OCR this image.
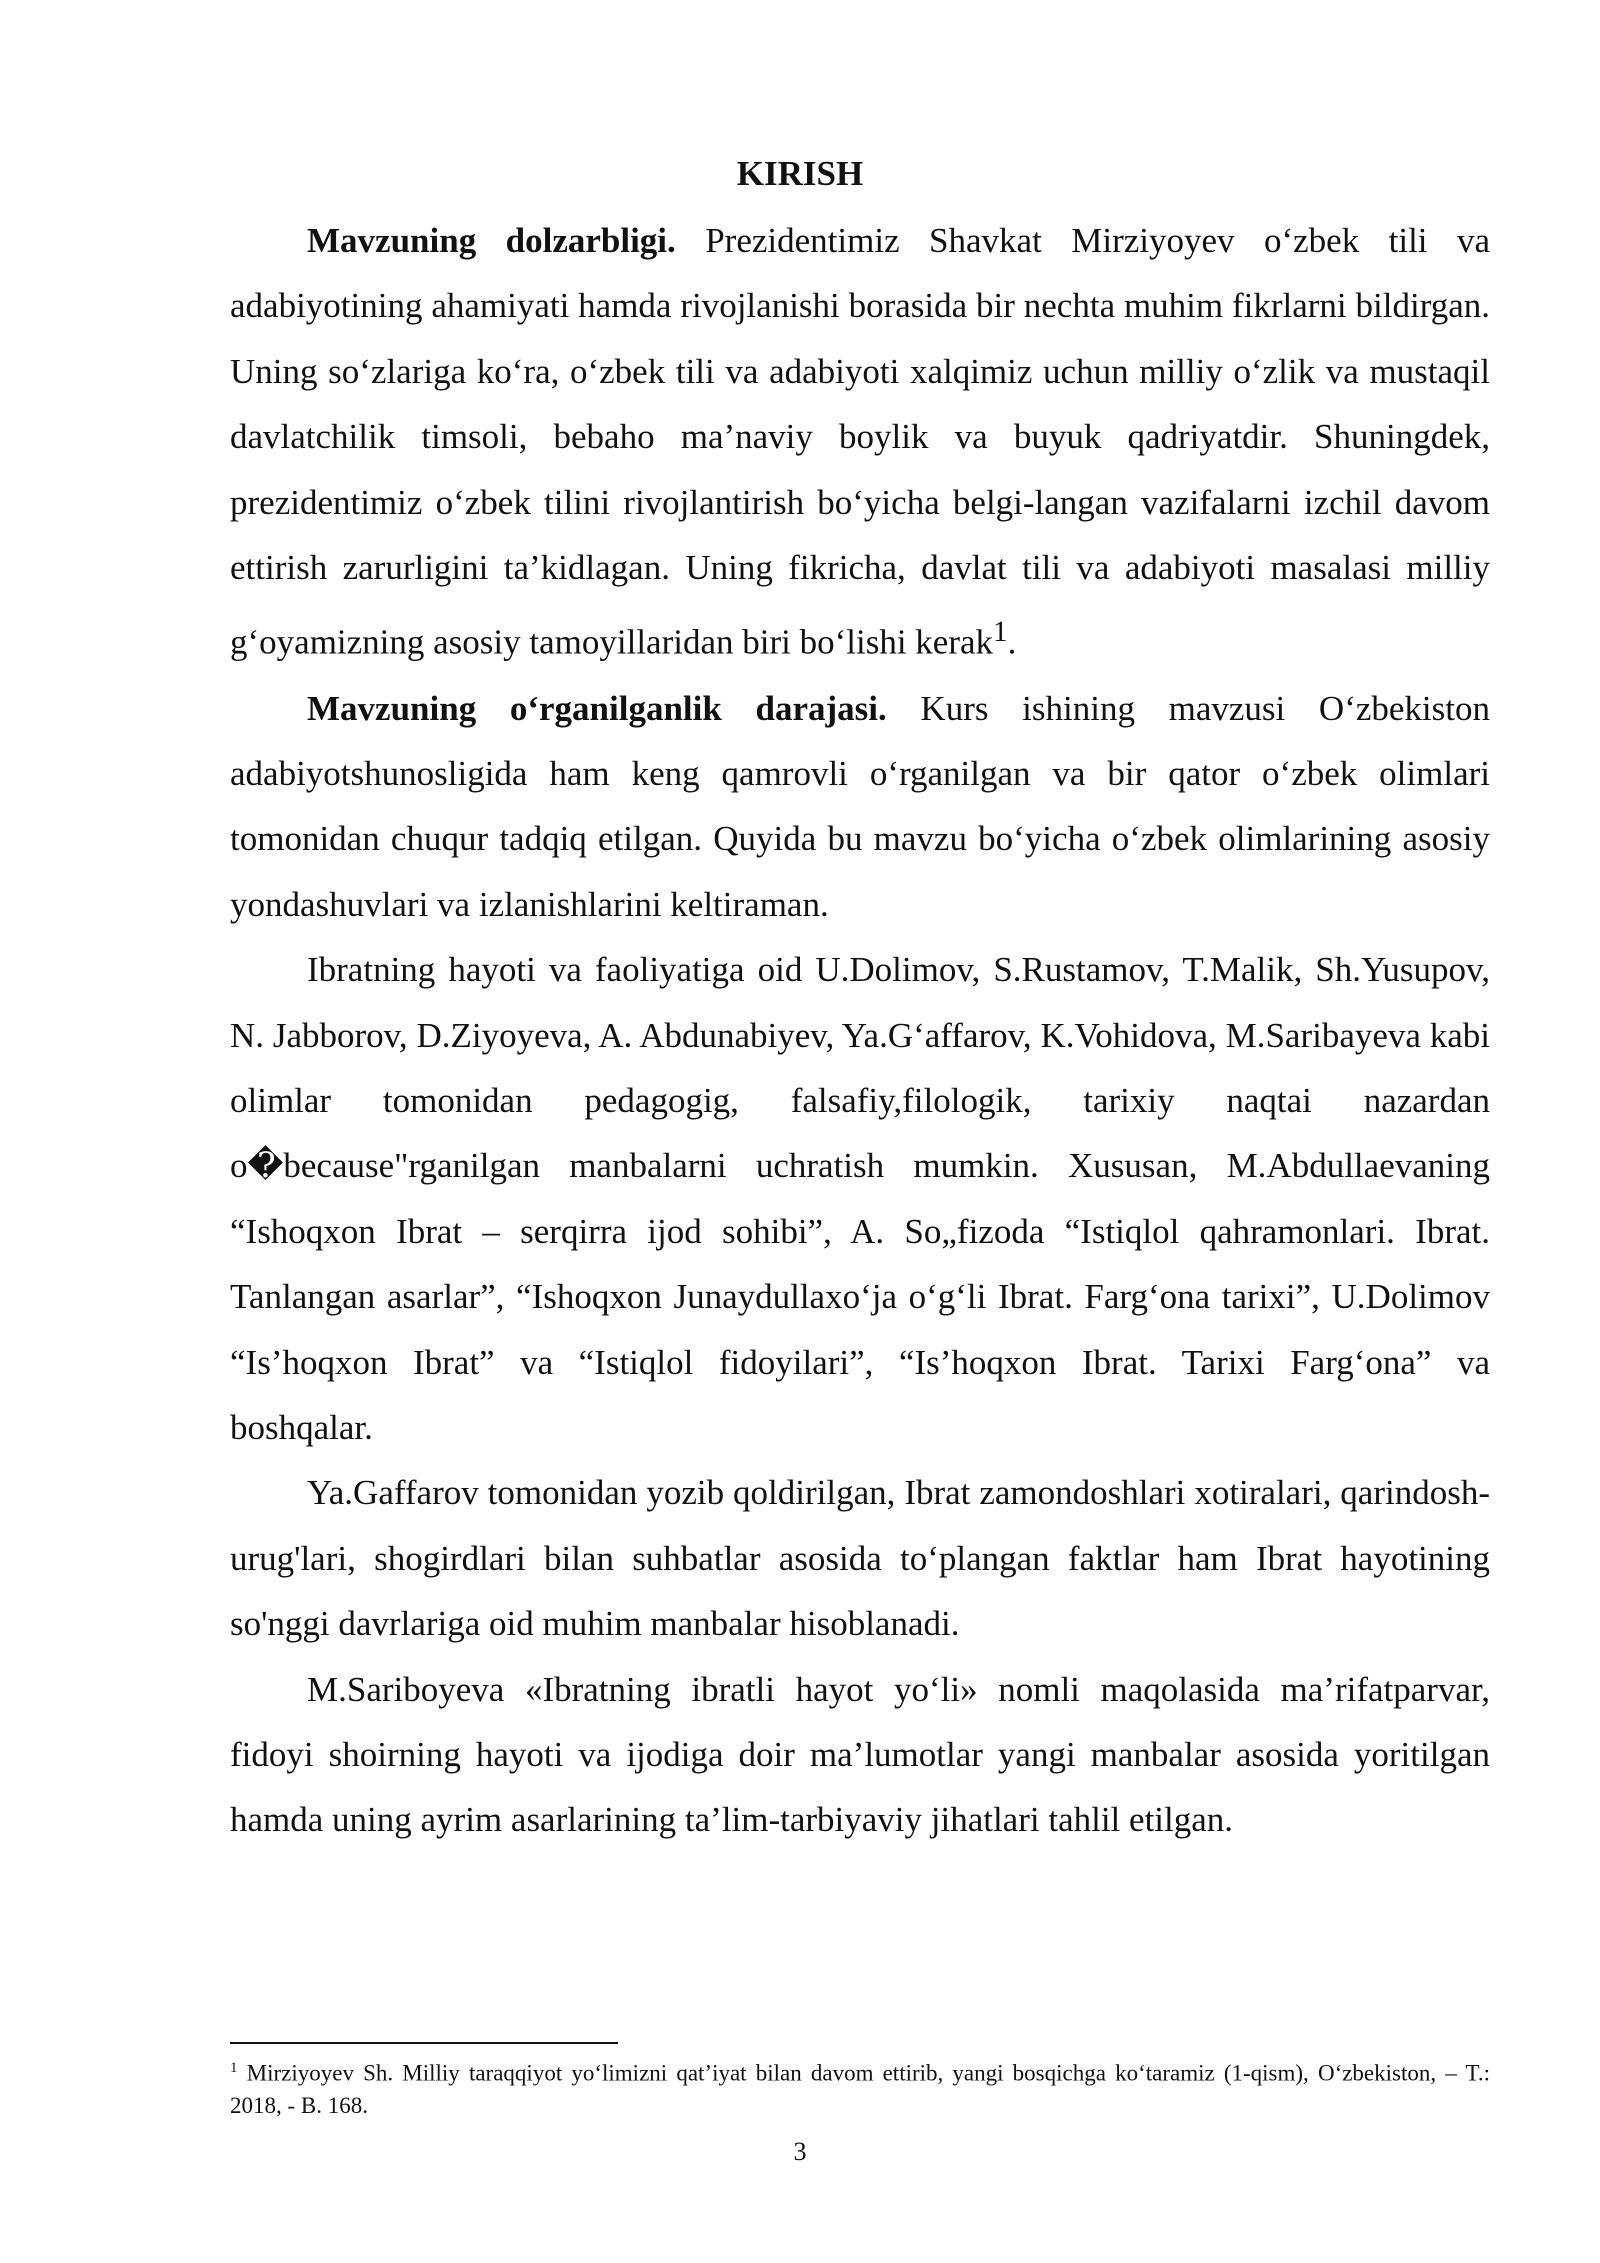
KIRISH

Mavzuning dolzarbligi. Prezidentimiz Shavkat Mirziyoyev o‘zbek tili va adabiyotining ahamiyati hamda rivojlanishi borasida bir nechta muhim fikrlarni bildirgan. Uning so‘zlariga ko‘ra, o‘zbek tili va adabiyoti xalqimiz uchun milliy o‘zlik va mustaqil davlatchilik timsoli, bebaho ma’naviy boylik va buyuk qadriyatdir. Shuningdek, prezidentimiz o‘zbek tilini rivojlantirish bo‘yicha belgi-langan vazifalarni izchil davom ettirish zarurligini ta’kidlagan. Uning fikricha, davlat tili va adabiyoti masalasi milliy g‘oyamizning asosiy tamoyillaridan biri bo‘lishi kerak$^1$.

Mavzuning o‘rganilganlik darajasi. Kurs ishining mavzusi O‘zbekiston adabiyotshunosligida ham keng qamrovli o‘rganilgan va bir qator o‘zbek olimlari tomonidan chuqur tadqiq etilgan. Quyida bu mavzu bo‘yicha o‘zbek olimlarining asosiy yondashuvlari va izlanishlarini keltiraman.

Ibratning hayoti va faoliyatiga oid U.Dolimov, S.Rustamov, T.Malik, Sh.Yusupov, N. Jabborov, D.Ziyoyeva, A. Abdunabiyev, Ya.G‘affarov, K.Vohidova, M.Saribayeva kabi olimlar tomonidan pedagogig, falsafiy,filologik, tarixiy naqtai nazardan o�because"rganilgan manbalarni uchratish mumkin. Xususan, M.Abdullaevaning “Ishoqxon Ibrat – serqirra ijod sohibi”, A. So„fizoda “Istiqlol qahramonlari. Ibrat. Tanlangan asarlar”, “Ishoqxon Junaydullaxo‘ja o‘g‘li Ibrat. Farg‘ona tarixi”, U.Dolimov “Is’hoqxon Ibrat” va “Istiqlol fidoyilari”, “Is’hoqxon Ibrat. Tarixi Farg‘ona” va boshqalar.

Ya.Gaffarov tomonidan yozib qoldirilgan, Ibrat zamondoshlari xotiralari, qarindosh-urug'lari, shogirdlari bilan suhbatlar asosida to‘plangan faktlar ham Ibrat hayotining so'nggi davrlariga oid muhim manbalar hisoblanadi.

M.Sariboyeva «Ibratning ibratli hayot yo‘li» nomli maqolasida ma’rifatparvar, fidoyi shoirning hayoti va ijodiga doir ma’lumotlar yangi manbalar asosida yoritilgan hamda uning ayrim asarlarining ta’lim-tarbiyaviy jihatlari tahlil etilgan.

$^1$ Mirziyoyev Sh. Milliy taraqqiyot yo‘limizni qat’iyat bilan davom ettirib, yangi bosqichga ko‘taramiz (1-qism), O‘zbekiston, – T.: 2018, - B. 168.
3
